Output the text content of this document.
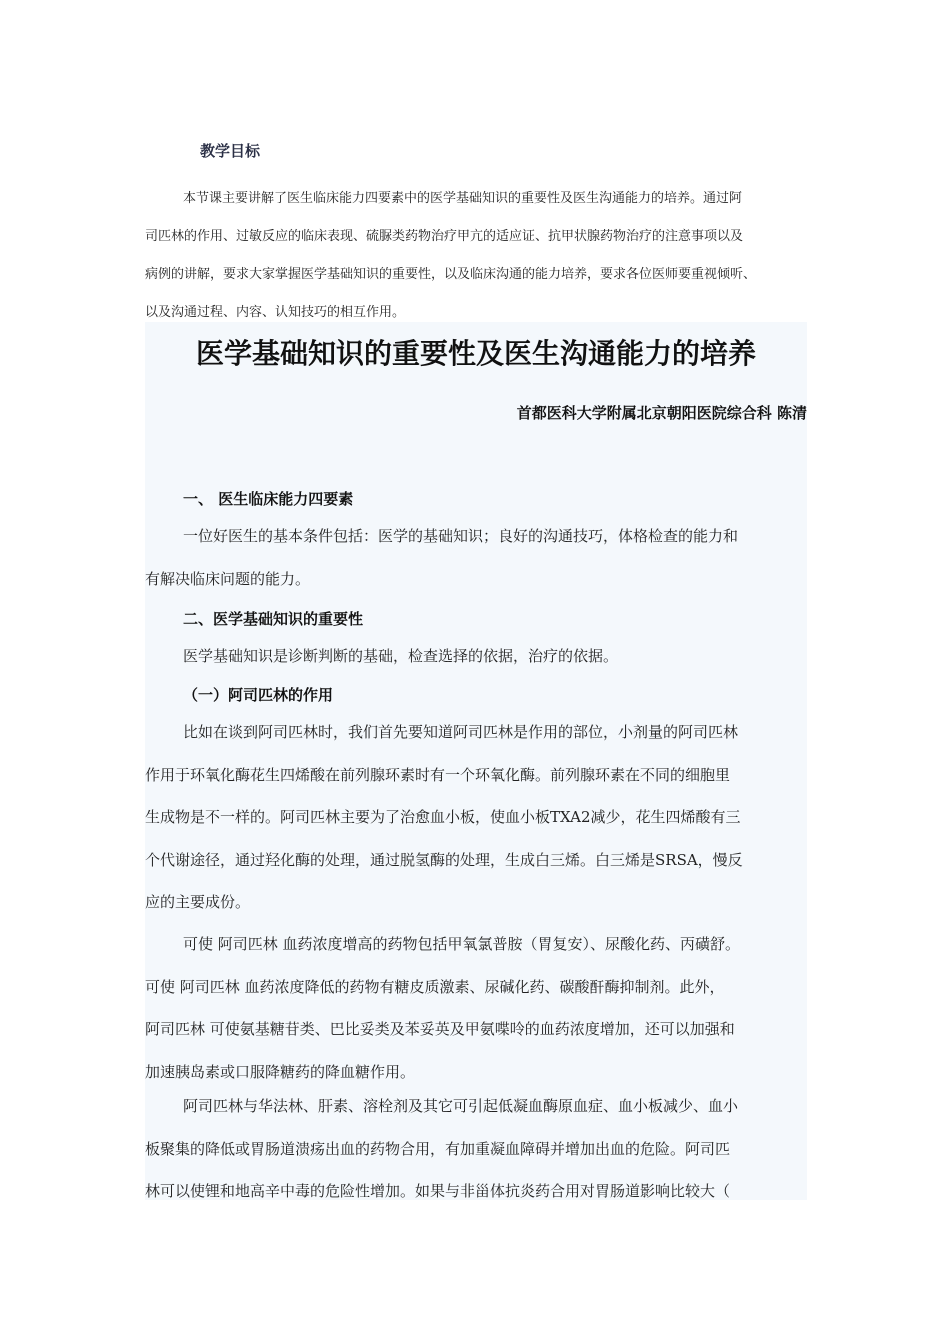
教学目标
本节课主要讲解了医生临床能力四要素中的医学基础知识的重要性及医生沟通能力的培养。通过阿
司匹林的作用、过敏反应的临床表现、硫脲类药物治疗甲亢的适应证、抗甲状腺药物治疗的注意事项以及
病例的讲解，要求大家掌握医学基础知识的重要性，以及临床沟通的能力培养，要求各位医师要重视倾听、
以及沟通过程、内容、认知技巧的相互作用。
医学基础知识的重要性及医生沟通能力的培养
首都医科大学附属北京朝阳医院综合科 陈清
一、 医生临床能力四要素
一位好医生的基本条件包括：医学的基础知识；良好的沟通技巧，体格检查的能力和
有解决临床问题的能力。
二、医学基础知识的重要性
医学基础知识是诊断判断的基础，检查选择的依据，治疗的依据。
（一）阿司匹林的作用
比如在谈到阿司匹林时，我们首先要知道阿司匹林是作用的部位，小剂量的阿司匹林
作用于环氧化酶花生四烯酸在前列腺环素时有一个环氧化酶。前列腺环素在不同的细胞里
生成物是不一样的。阿司匹林主要为了治愈血小板，使血小板TXA2减少，花生四烯酸有三
个代谢途径，通过羟化酶的处理，通过脱氢酶的处理，生成白三烯。白三烯是SRSA，慢反
应的主要成份。
可使 阿司匹林 血药浓度增高的药物包括甲氧氯普胺（胃复安）、尿酸化药、丙磺舒。
可使 阿司匹林 血药浓度降低的药物有糖皮质激素、尿碱化药、碳酸酐酶抑制剂。此外，
阿司匹林 可使氨基糖苷类、巴比妥类及苯妥英及甲氨喋呤的血药浓度增加，还可以加强和
加速胰岛素或口服降糖药的降血糖作用。
阿司匹林与华法林、肝素、溶栓剂及其它可引起低凝血酶原血症、血小板减少、血小
板聚集的降低或胃肠道溃疡出血的药物合用，有加重凝血障碍并增加出血的危险。阿司匹
林可以使锂和地高辛中毒的危险性增加。如果与非甾体抗炎药合用对胃肠道影响比较大（
